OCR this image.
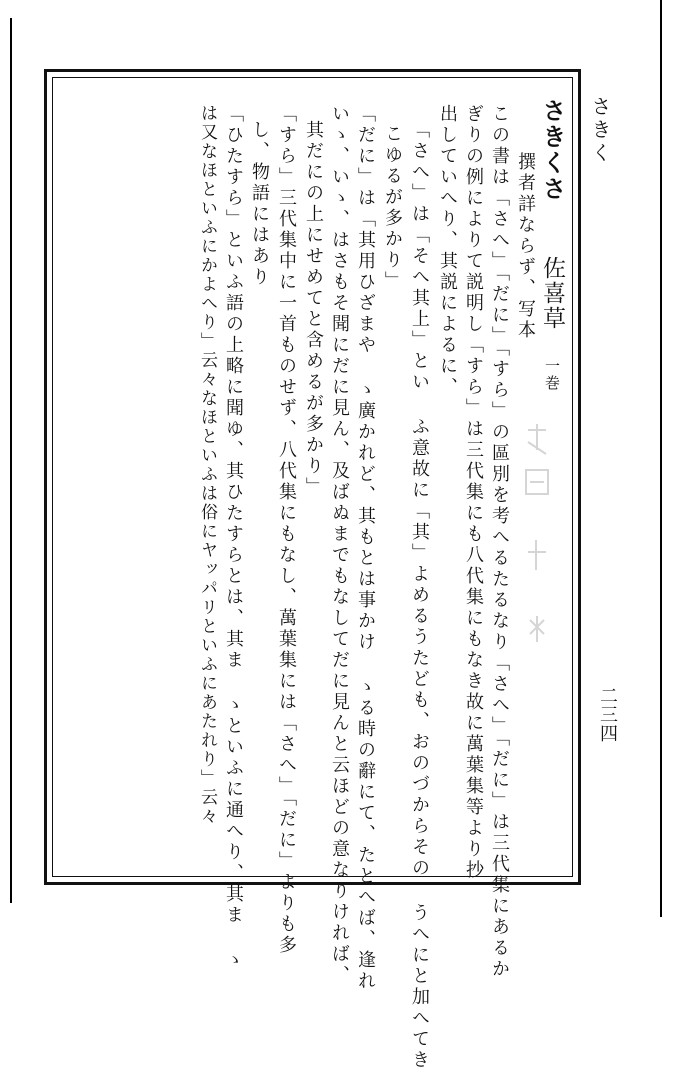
さきく
二三四
さきくさ  佐喜草 一巻
撰者詳ならず、写本
この書は「さへ」「だに」「すら」の區別を考へるたるなり「さへ」「だに」は三代集にあるか
ぎりの例によりて説明し「すら」は三代集にも八代集にもなき故に萬葉集等より抄
出していへり、其説によるに、
「さへ」は「そへ其上」とい ふ意故に「其」よめるうたども、おのづからその うへにと加へてき
こゆるが多かり」
「だに」は「其用ひざまや ゝ廣かれど、其もとは事かけ ゝる時の辭にて、たとへば、逢れ
いゝ、いゝ、はさもそ聞にだに見ん、及ばぬまでもなしてだに見んと云ほどの意なりければ、
其だにの上にせめてと含めるが多かり」
「すら」三代集中に一首ものせず、八代集にもなし、萬葉集には「さへ」「だに」よりも多
し、物語にはあり
「ひたすら」といふ語の上略に聞ゆ、其ひたすらとは、其ま ゝといふに通へり、其ま ゝ
は又なほといふにかよへり」云々なほといふは俗にヤッパリといふにあたれり」云々
